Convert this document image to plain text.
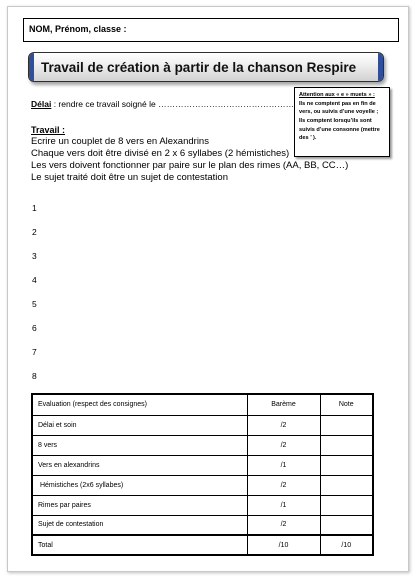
NOM, Prénom, classe :
Travail de création à partir de la chanson Respire
Délai : rendre ce travail soigné le …………………………………………
Attention aux « e » muets » :
Ils ne comptent pas en fin de
vers, ou suivis d’une voyelle ;
Ils comptent lorsqu’ils sont
suivis d’une consonne (mettre
des ’ ).
Travail :
Ecrire un couplet de 8 vers en Alexandrins
Chaque vers doit être divisé en 2 x 6 syllabes (2 hémistiches)
Les vers doivent fonctionner par paire sur le plan des rimes (AA, BB, CC…)
Le sujet traité doit être un sujet de contestation
1
2
3
4
5
6
7
8
Evaluation (respect des consignes)	Barème	Note
Délai et soin	/2	
8 vers	/2	
Vers en alexandrins	/1	
Hémistiches (2x6 syllabes)	/2	
Rimes par paires	/1	
Sujet de contestation	/2	
Total	/10	/10
